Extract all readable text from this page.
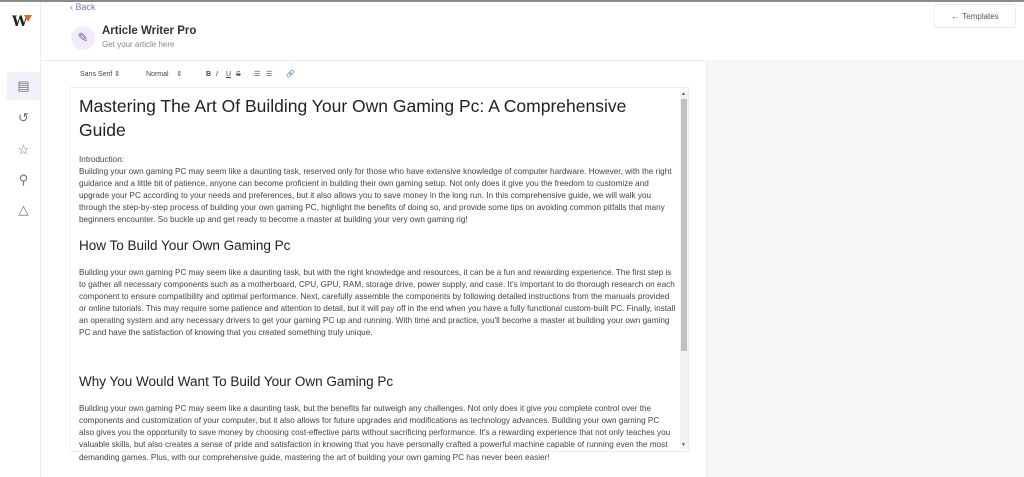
W
▤
↺
☆
⚲
△
‹ Back
✎	Article Writer Pro
Get your article here
← Templates
Sans Serif ⇕	Normal    ⇕	B I	U S	☰ ☰	🔗
Mastering The Art Of Building Your Own Gaming Pc: A Comprehensive Guide

Introduction:

Building your own gaming PC may seem like a daunting task, reserved only for those who have extensive knowledge of computer hardware. However, with the right guidance and a little bit of patience, anyone can become proficient in building their own gaming setup. Not only does it give you the freedom to customize and upgrade your PC according to your needs and preferences, but it also allows you to save money in the long run. In this comprehensive guide, we will walk you through the step-by-step process of building your own gaming PC, highlight the benefits of doing so, and provide some tips on avoiding common pitfalls that many beginners encounter. So buckle up and get ready to become a master at building your very own gaming rig!

How To Build Your Own Gaming Pc

Building your own gaming PC may seem like a daunting task, but with the right knowledge and resources, it can be a fun and rewarding experience. The first step is to gather all necessary components such as a motherboard, CPU, GPU, RAM, storage drive, power supply, and case. It's important to do thorough research on each component to ensure compatibility and optimal performance. Next, carefully assemble the components by following detailed instructions from the manuals provided or online tutorials. This may require some patience and attention to detail, but it will pay off in the end when you have a fully functional custom-built PC. Finally, install an operating system and any necessary drivers to get your gaming PC up and running. With time and practice, you'll become a master at building your own gaming PC and have the satisfaction of knowing that you created something truly unique.

Why You Would Want To Build Your Own Gaming Pc

Building your own gaming PC may seem like a daunting task, but the benefits far outweigh any challenges. Not only does it give you complete control over the components and customization of your computer, but it also allows for future upgrades and modifications as technology advances. Building your own gaming PC also gives you the opportunity to save money by choosing cost-effective parts without sacrificing performance. It's a rewarding experience that not only teaches you valuable skills, but also creates a sense of pride and satisfaction in knowing that you have personally crafted a powerful machine capable of running even the most demanding games. Plus, with our comprehensive guide, mastering the art of building your own gaming PC has never been easier!

▲
▼
